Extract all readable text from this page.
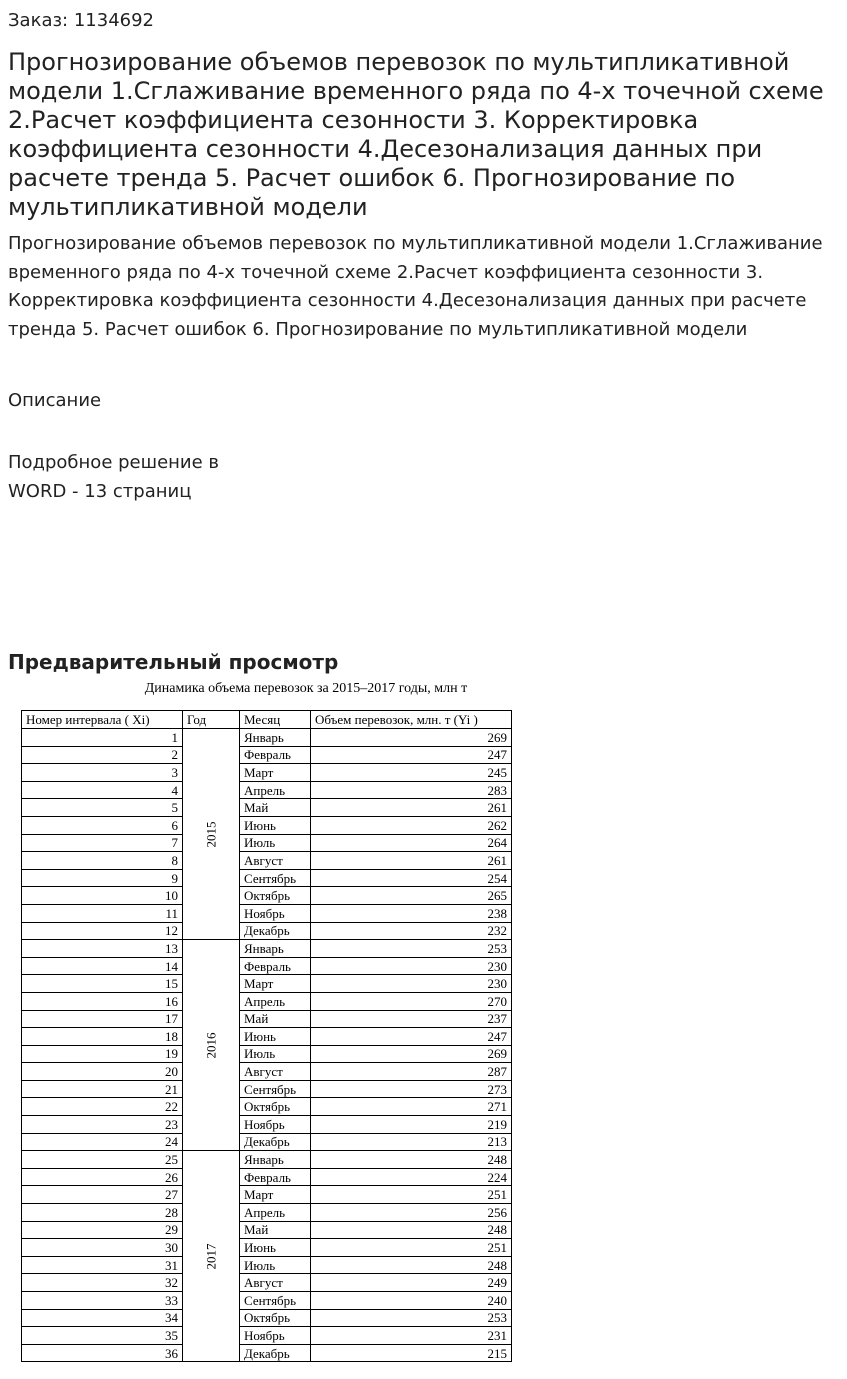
Заказ: 1134692
Прогнозирование объемов перевозок по мультипликативной модели 1.Сглаживание временного ряда по 4-х точечной схеме 2.Расчет коэффициента сезонности 3. Корректировка коэффициента сезонности 4.Десезонализация данных при расчете тренда 5. Расчет ошибок 6. Прогнозирование по мультипликативной модели
Прогнозирование объемов перевозок по мультипликативной модели 1.Сглаживание временного ряда по 4-х точечной схеме 2.Расчет коэффициента сезонности 3. Корректировка коэффициента сезонности 4.Десезонализация данных при расчете тренда 5. Расчет ошибок 6. Прогнозирование по мультипликативной модели
Описание
Подробное решение в
WORD - 13 страниц
Предварительный просмотр
Динамика объема перевозок за 2015–2017 годы, млн т
Номер интервала ( Xi)	Год	Месяц	Объем перевозок, млн. т (Yi )
1	2015	Январь	269
2		Февраль	247
3		Март	245
4		Апрель	283
5		Май	261
6		Июнь	262
7		Июль	264
8		Август	261
9		Сентябрь	254
10		Октябрь	265
11		Ноябрь	238
12		Декабрь	232
13	2016	Январь	253
14		Февраль	230
15		Март	230
16		Апрель	270
17		Май	237
18		Июнь	247
19		Июль	269
20		Август	287
21		Сентябрь	273
22		Октябрь	271
23		Ноябрь	219
24		Декабрь	213
25	2017	Январь	248
26		Февраль	224
27		Март	251
28		Апрель	256
29		Май	248
30		Июнь	251
31		Июль	248
32		Август	249
33		Сентябрь	240
34		Октябрь	253
35		Ноябрь	231
36		Декабрь	215
